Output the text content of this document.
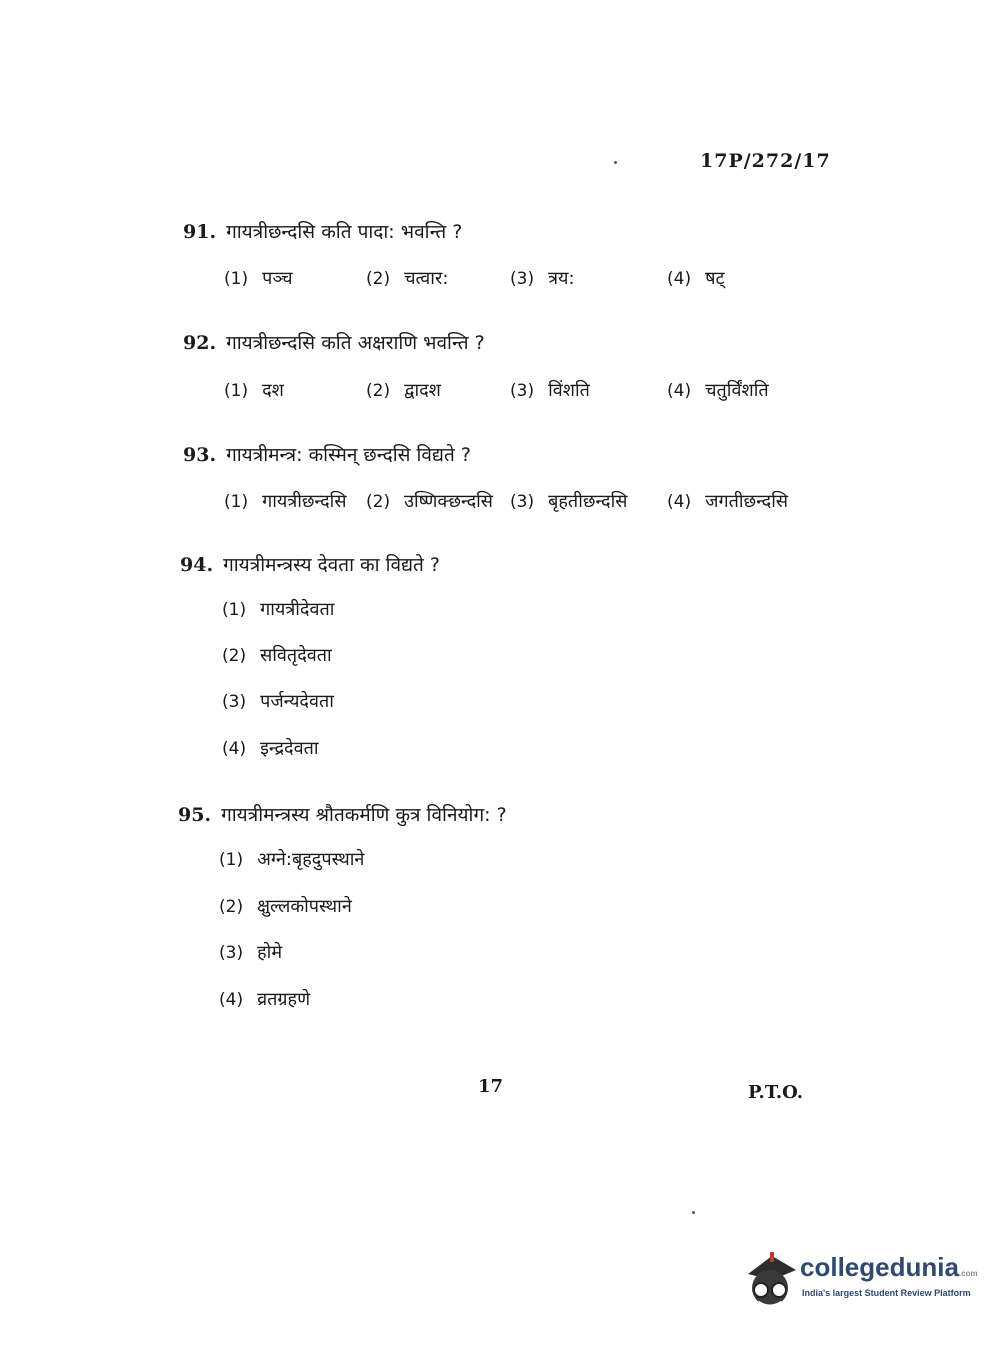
17P/272/17
91. गायत्रीछन्दसि कति पादा: भवन्ति ?
(1) पञ्च	(2) चत्वार:	(3) त्रय:	(4) षट्
92. गायत्रीछन्दसि कति अक्षराणि भवन्ति ?
(1) दश	(2) द्वादश	(3) विंशति	(4) चतुर्विंशति
93. गायत्रीमन्त्र: कस्मिन् छन्दसि विद्यते ?
(1) गायत्रीछन्दसि (2) उष्णिक्छन्दसि (3) बृहतीछन्दसि (4) जगतीछन्दसि
94. गायत्रीमन्त्रस्य देवता का विद्यते ?
(1) गायत्रीदेवता
(2) सवितृदेवता
(3) पर्जन्यदेवता
(4) इन्द्रदेवता
95. गायत्रीमन्त्रस्य श्रौतकर्मणि कुत्र विनियोग: ?
(1) अग्ने:बृहदुपस्थाने
(2) क्षुल्लकोपस्थाने
(3) होमे
(4) व्रतग्रहणे
17	P.T.O.
collegedunia.com
India's largest Student Review Platform
